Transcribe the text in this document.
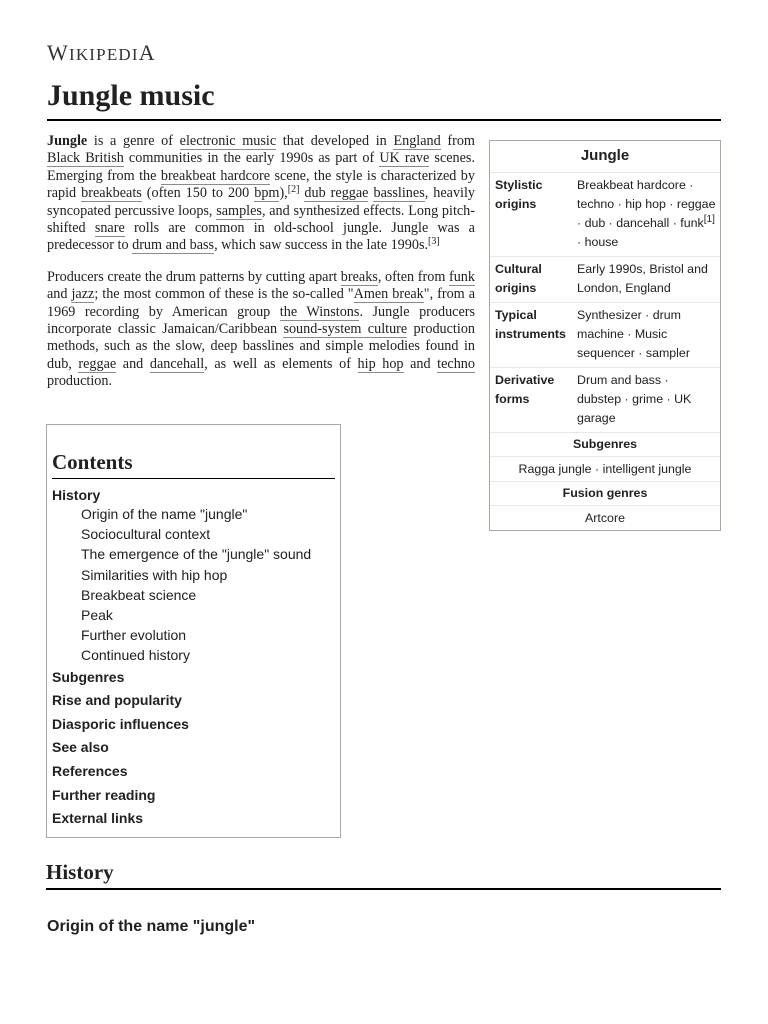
WIKIPEDIA
Jungle music

Jungle is a genre of electronic music that developed in England from Black British communities in the early 1990s as part of UK rave scenes. Emerging from the breakbeat hardcore scene, the style is characterized by rapid breakbeats (often 150 to 200 bpm),[2] dub reggae basslines, heavily syncopated percussive loops, samples, and synthesized effects. Long pitch-shifted snare rolls are common in old-school jungle. Jungle was a predecessor to drum and bass, which saw success in the late 1990s.[3]

Producers create the drum patterns by cutting apart breaks, often from funk and jazz; the most common of these is the so-called "Amen break", from a 1969 recording by American group the Winstons. Jungle producers incorporate classic Jamaican/Caribbean sound-system culture production methods, such as the slow, deep basslines and simple melodies found in dub, reggae and dancehall, as well as elements of hip hop and techno production.

Jungle
Stylistic origins
Breakbeat hardcore · techno · hip hop · reggae · dub · dancehall · funk[1] · house
Cultural origins
Early 1990s, Bristol and London, England
Typical instruments
Synthesizer · drum machine · Music sequencer · sampler
Derivative forms
Drum and bass · dubstep · grime · UK garage
Subgenres
Ragga jungle · intelligent jungle
Fusion genres
Artcore
Contents
History
Origin of the name "jungle"
Sociocultural context
The emergence of the "jungle" sound
Similarities with hip hop
Breakbeat science
Peak
Further evolution
Continued history
Subgenres
Rise and popularity
Diasporic influences
See also
References
Further reading
External links
History
Origin of the name "jungle"
